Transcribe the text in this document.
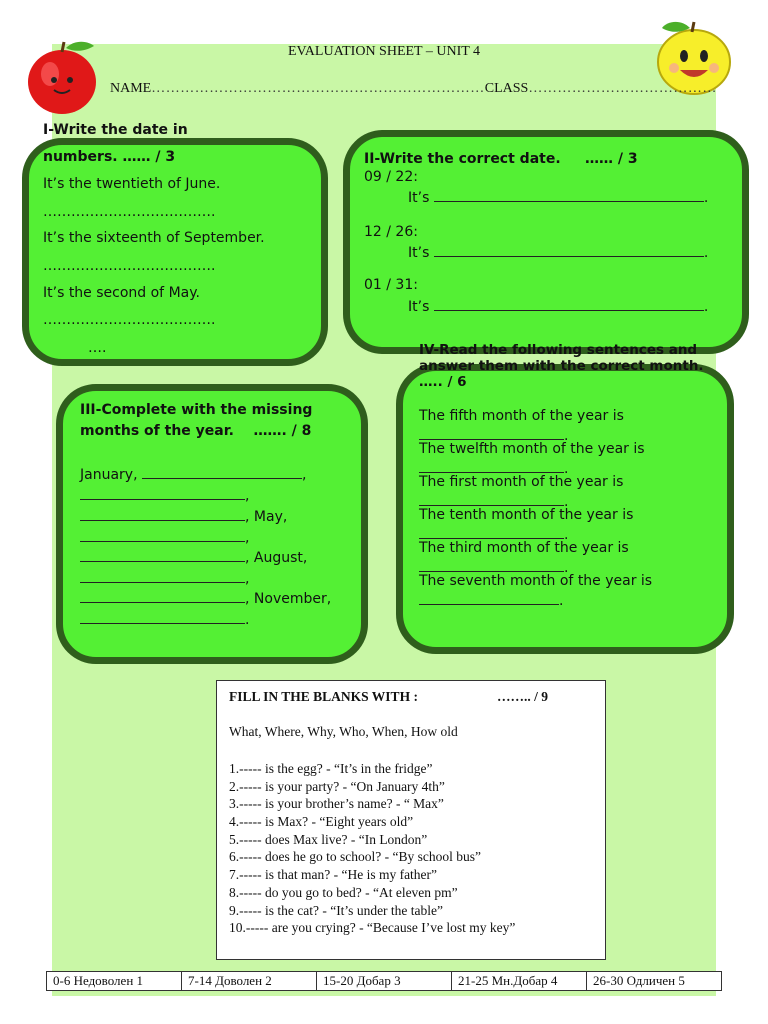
EVALUATION SHEET – UNIT 4
NAME……………………………………………………………CLASS…………………………………
I-Write the date in
numbers. …… / 3
It’s the twentieth of June.
……………………………….
It’s the sixteenth of September.
……………………………….
It’s the second of May.
……………………………….
….
II-Write the correct date.     …… / 3
09 / 22:
It’s	.
12 / 26:
It’s	.
01 / 31:
It’s	.
III-Complete with the missing
months of the year.    ……. / 8
January,	,
,
, May,
,
, August,
,
, November,
.
IV-Read the following sentences and answer them with the correct month.   ….. / 6
The fifth month of the year is
.
The twelfth month of the year is
.
The first month of the year is
.
The tenth month of the year is
.
The third month of the year is
.
The seventh month of the year is
.
FILL IN THE BLANKS WITH :	…….. / 9
What, Where, Why, Who, When, How old
1.----- is the egg? - “It’s in the fridge”
2.----- is your party? - “On January 4th”
3.----- is your brother’s name? - “ Max”
4.----- is Max? - “Eight years old”
5.----- does Max live? - “In London”
6.----- does he go to school? - “By school bus”
7.----- is that man? - “He is my father”
8.----- do you go to bed? - “At eleven pm”
9.----- is the cat? - “It’s under the table”
10.----- are you crying? - “Because I’ve lost my key”
0-6 Недоволен 1	7-14 Доволен 2	15-20 Добар 3	21-25 Мн.Добар 4	26-30 Одличен 5
